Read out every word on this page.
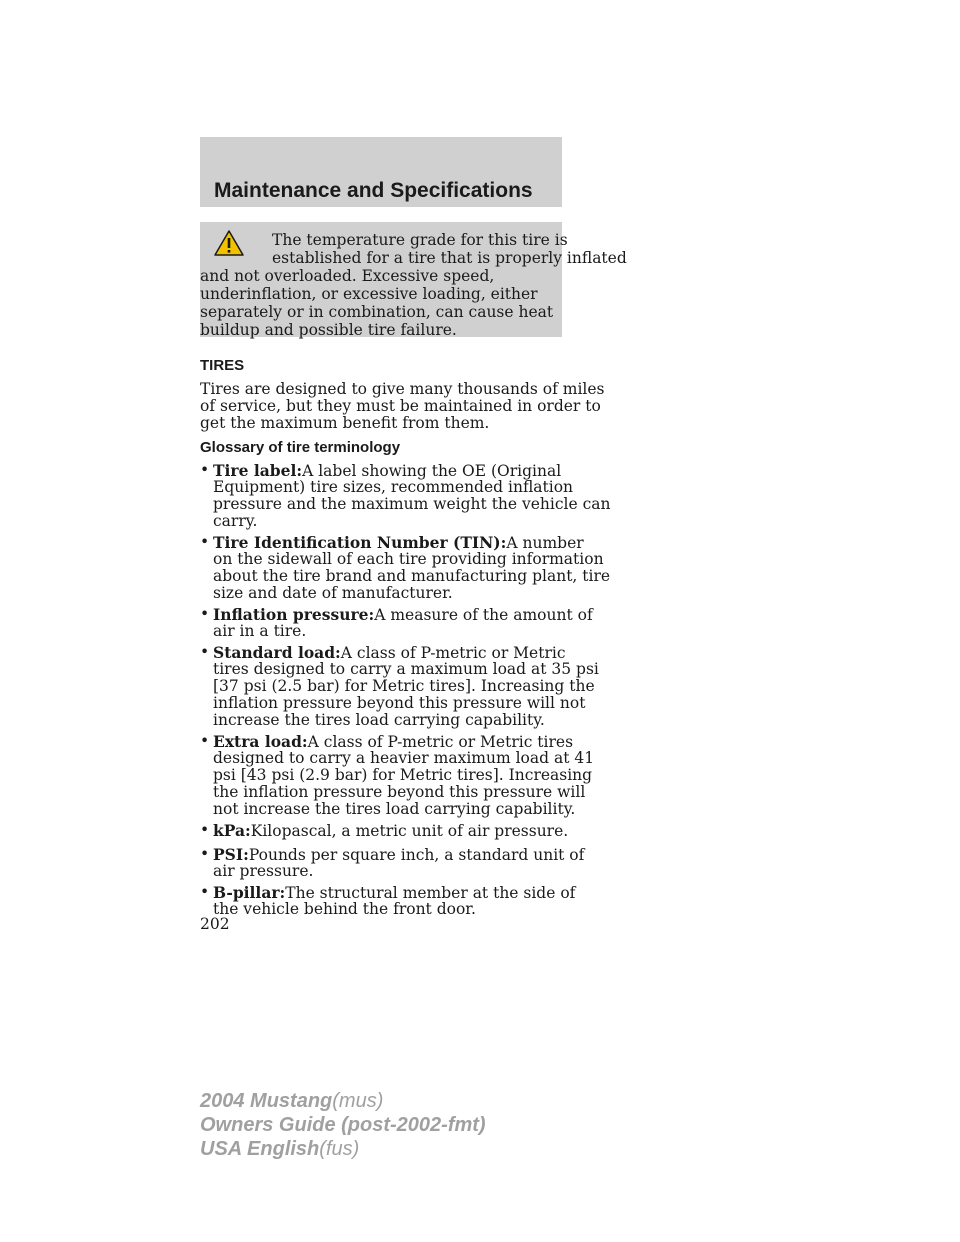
Maintenance and Specifications
The temperature grade for this tire is
established for a tire that is properly inflated
and not overloaded. Excessive speed,
underinflation, or excessive loading, either
separately or in combination, can cause heat
buildup and possible tire failure.
TIRES
Tires are designed to give many thousands of miles
of service, but they must be maintained in order to
get the maximum benefit from them.
Glossary of tire terminology
• Tire label:A label showing the OE (Original
Equipment) tire sizes, recommended inflation
pressure and the maximum weight the vehicle can
carry.
• Tire Identification Number (TIN):A number
on the sidewall of each tire providing information
about the tire brand and manufacturing plant, tire
size and date of manufacturer.
• Inflation pressure:A measure of the amount of
air in a tire.
• Standard load:A class of P-metric or Metric
tires designed to carry a maximum load at 35 psi
[37 psi (2.5 bar) for Metric tires]. Increasing the
inflation pressure beyond this pressure will not
increase the tires load carrying capability.
• Extra load:A class of P-metric or Metric tires
designed to carry a heavier maximum load at 41
psi [43 psi (2.9 bar) for Metric tires]. Increasing
the inflation pressure beyond this pressure will
not increase the tires load carrying capability.
• kPa:Kilopascal, a metric unit of air pressure.
• PSI:Pounds per square inch, a standard unit of
air pressure.
• B-pillar:The structural member at the side of
the vehicle behind the front door.
202
2004 Mustang(mus)
Owners Guide (post-2002-fmt)
USA English(fus)
